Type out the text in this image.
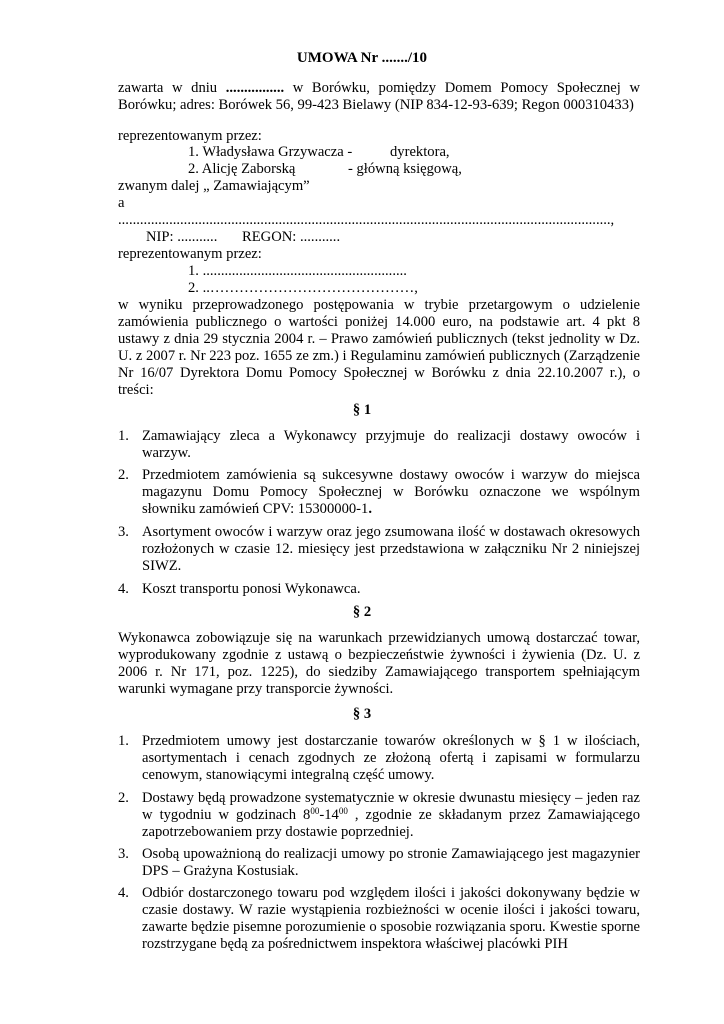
UMOWA Nr ......./10
zawarta w dniu ................ w Borówku, pomiędzy Domem Pomocy Społecznej w Borówku; adres: Borówek 56, 99-423 Bielawy (NIP 834-12-93-639; Regon 000310433)
reprezentowanym przez:
1. Władysława Grzywacza -	dyrektora,
2. Alicję Zaborską	- główną księgową,
zwanym dalej „ Zamawiającym”
a
.......................................................................................................................................,
NIP: ........... REGON: ...........
reprezentowanym przez:
1. ........................................................
2. ..……………………………………,
w wyniku przeprowadzonego postępowania w trybie przetargowym o udzielenie zamówienia publicznego o wartości poniżej 14.000 euro, na podstawie art. 4 pkt 8 ustawy z dnia 29 stycznia 2004 r. – Prawo zamówień publicznych (tekst jednolity w Dz. U. z 2007 r. Nr 223 poz. 1655 ze zm.) i Regulaminu zamówień publicznych (Zarządzenie Nr 16/07 Dyrektora Domu Pomocy Społecznej w Borówku z dnia 22.10.2007 r.), o treści:
§ 1
1. Zamawiający zleca a Wykonawcy przyjmuje do realizacji dostawy owoców i warzyw.
2. Przedmiotem zamówienia są sukcesywne dostawy owoców i warzyw do miejsca magazynu Domu Pomocy Społecznej w Borówku oznaczone we wspólnym słowniku zamówień CPV: 15300000-1.
3. Asortyment owoców i warzyw oraz jego zsumowana ilość w dostawach okresowych rozłożonych w czasie 12. miesięcy jest przedstawiona w załączniku Nr 2 niniejszej SIWZ.
4. Koszt transportu ponosi Wykonawca.
§ 2
Wykonawca zobowiązuje się na warunkach przewidzianych umową dostarczać towar, wyprodukowany zgodnie z ustawą o bezpieczeństwie żywności i żywienia (Dz. U. z 2006 r. Nr 171, poz. 1225), do siedziby Zamawiającego transportem spełniającym warunki wymagane przy transporcie żywności.
§ 3
1. Przedmiotem umowy jest dostarczanie towarów określonych w § 1 w ilościach, asortymentach i cenach zgodnych ze złożoną ofertą i zapisami w formularzu cenowym, stanowiącymi integralną część umowy.
2. Dostawy będą prowadzone systematycznie w okresie dwunastu miesięcy – jeden raz w tygodniu w godzinach $8^{00}-14^{00}$ , zgodnie ze składanym przez Zamawiającego zapotrzebowaniem przy dostawie poprzedniej.
3. Osobą upoważnioną do realizacji umowy po stronie Zamawiającego jest magazynier DPS – Grażyna Kostusiak.
4. Odbiór dostarczonego towaru pod względem ilości i jakości dokonywany będzie w czasie dostawy. W razie wystąpienia rozbieżności w ocenie ilości i jakości towaru, zawarte będzie pisemne porozumienie o sposobie rozwiązania sporu. Kwestie sporne rozstrzygane będą za pośrednictwem inspektora właściwej placówki PIH
